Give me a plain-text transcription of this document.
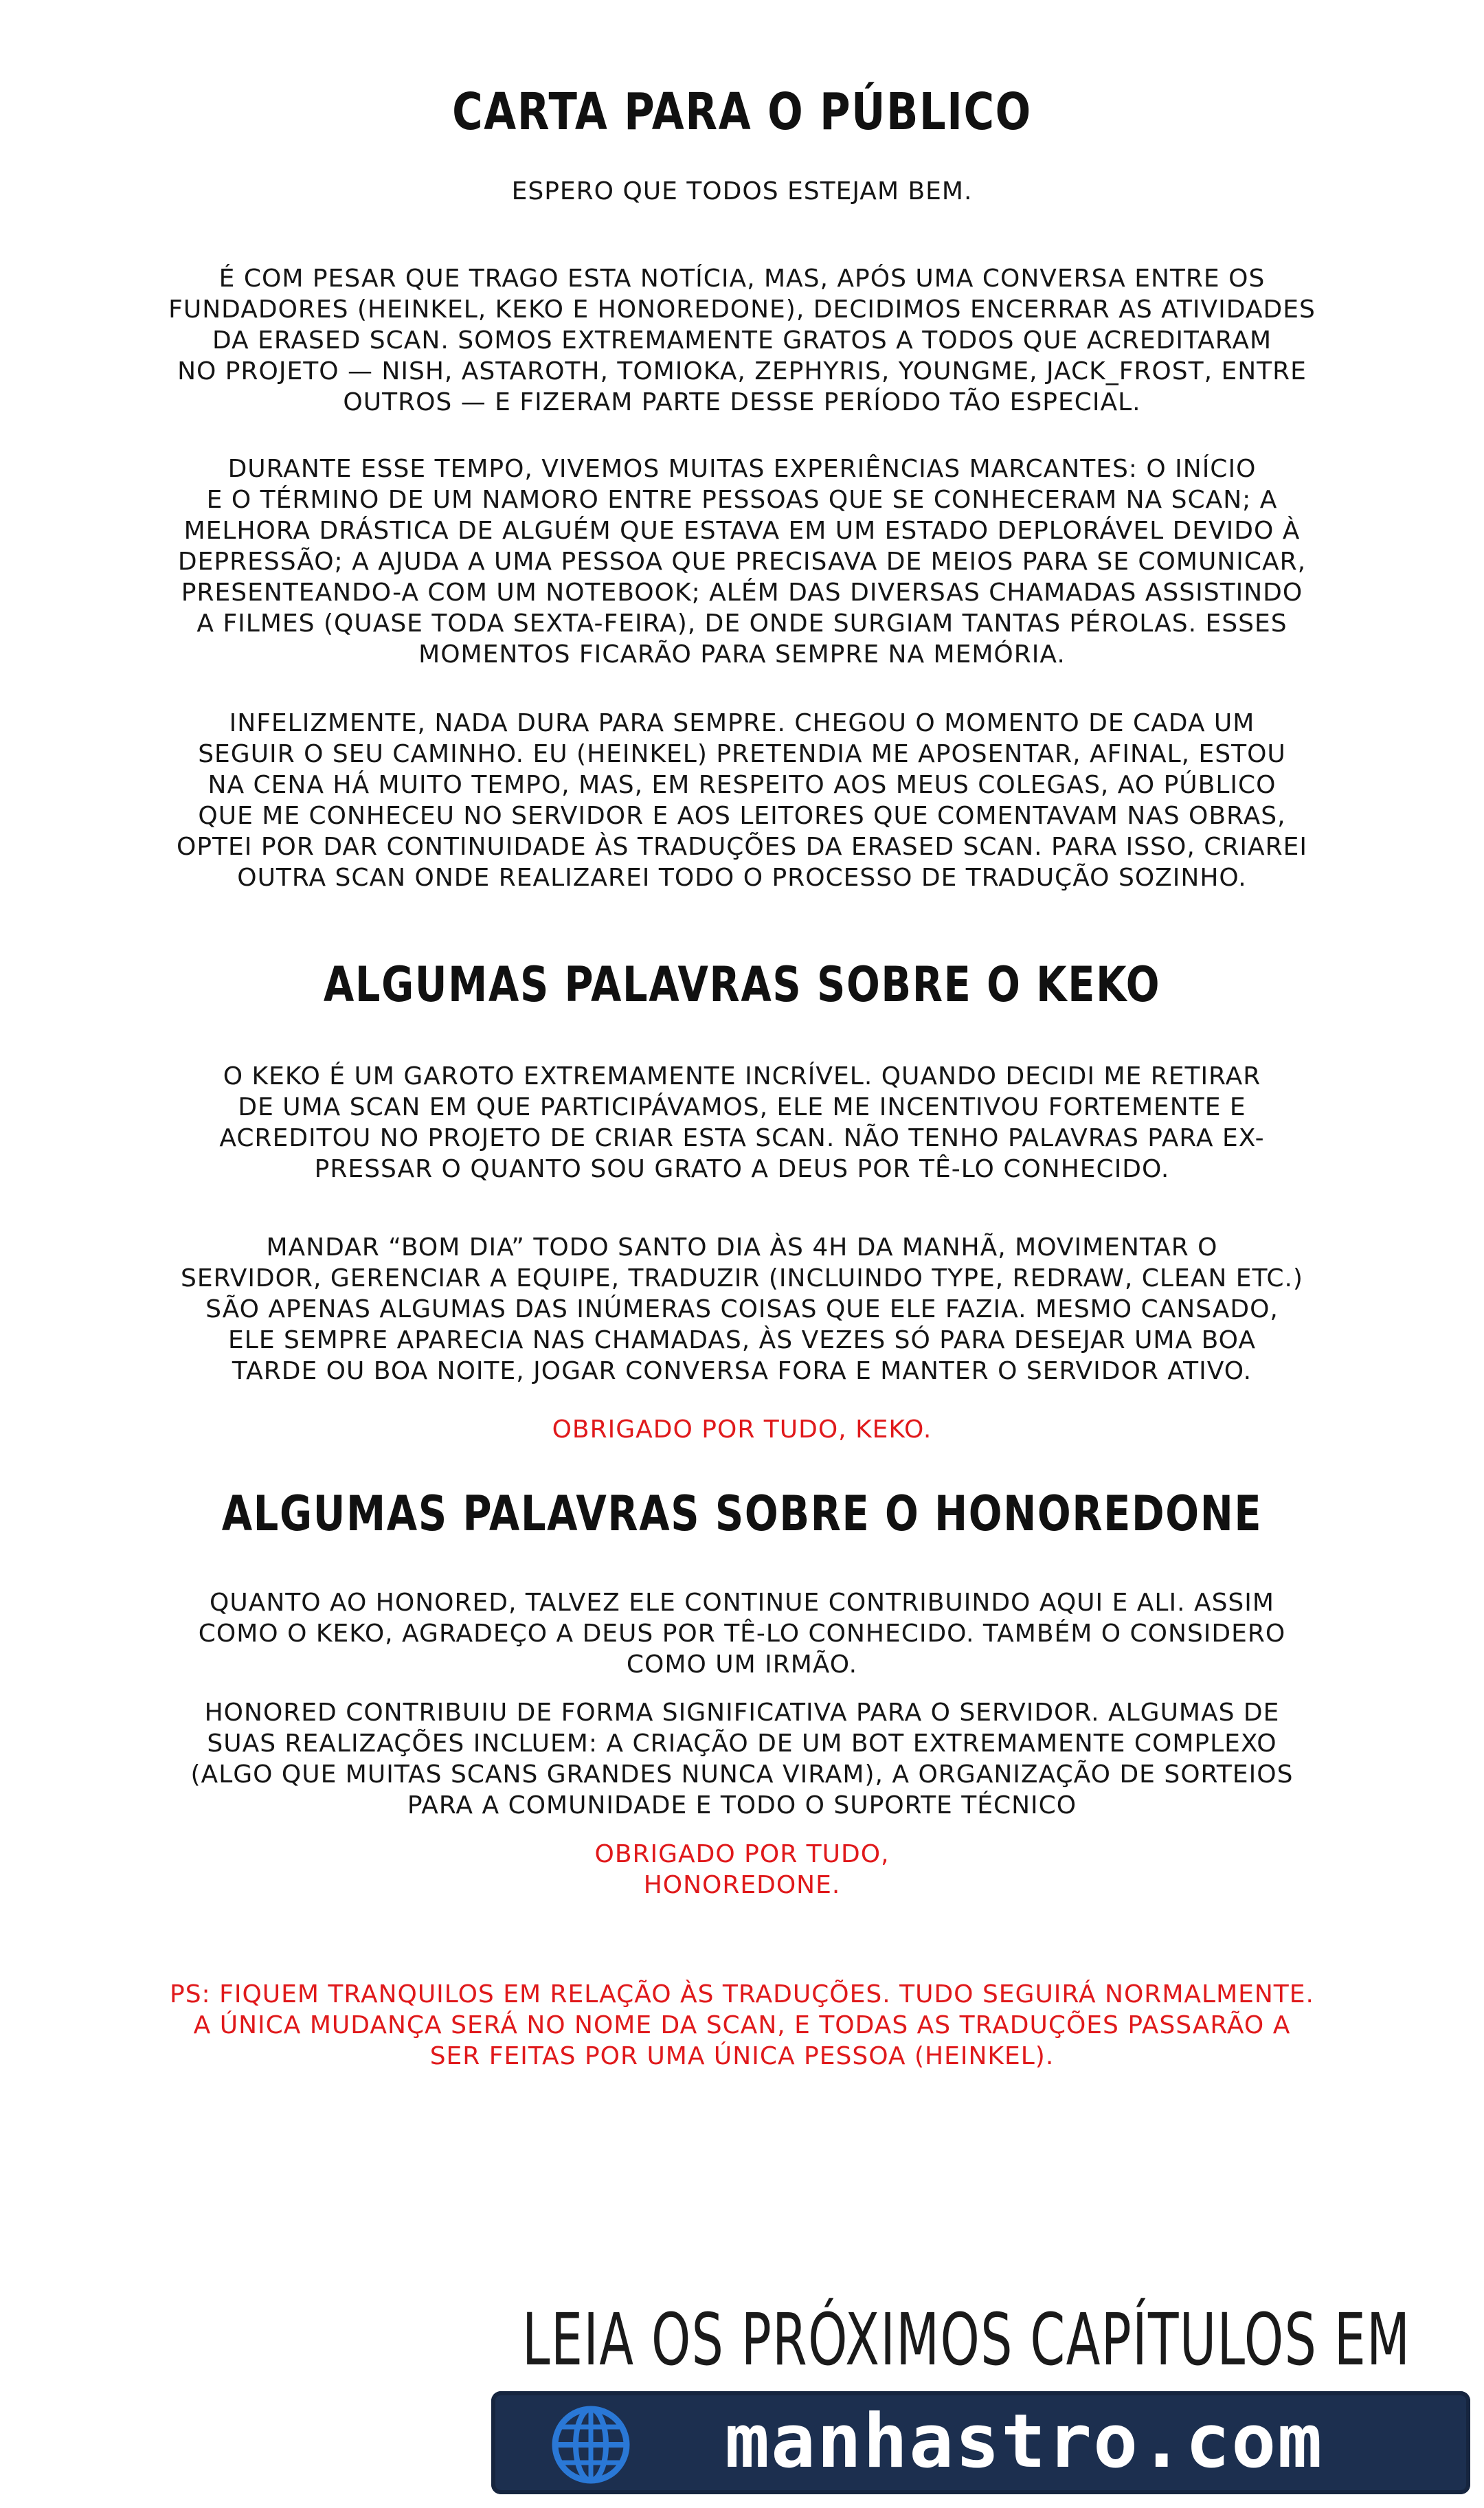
CARTA PARA O PÚBLICO
ESPERO QUE TODOS ESTEJAM BEM.
É COM PESAR QUE TRAGO ESTA NOTÍCIA, MAS, APÓS UMA CONVERSA ENTRE OS
FUNDADORES (HEINKEL, KEKO E HONOREDONE), DECIDIMOS ENCERRAR AS ATIVIDADES
DA ERASED SCAN. SOMOS EXTREMAMENTE GRATOS A TODOS QUE ACREDITARAM
NO PROJETO — NISH, ASTAROTH, TOMIOKA, ZEPHYRIS, YOUNGME, JACK_FROST, ENTRE
OUTROS — E FIZERAM PARTE DESSE PERÍODO TÃO ESPECIAL.
DURANTE ESSE TEMPO, VIVEMOS MUITAS EXPERIÊNCIAS MARCANTES: O INÍCIO
E O TÉRMINO DE UM NAMORO ENTRE PESSOAS QUE SE CONHECERAM NA SCAN; A
MELHORA DRÁSTICA DE ALGUÉM QUE ESTAVA EM UM ESTADO DEPLORÁVEL DEVIDO À
DEPRESSÃO; A AJUDA A UMA PESSOA QUE PRECISAVA DE MEIOS PARA SE COMUNICAR,
PRESENTEANDO-A COM UM NOTEBOOK; ALÉM DAS DIVERSAS CHAMADAS ASSISTINDO
A FILMES (QUASE TODA SEXTA-FEIRA), DE ONDE SURGIAM TANTAS PÉROLAS. ESSES
MOMENTOS FICARÃO PARA SEMPRE NA MEMÓRIA.
INFELIZMENTE, NADA DURA PARA SEMPRE. CHEGOU O MOMENTO DE CADA UM
SEGUIR O SEU CAMINHO. EU (HEINKEL) PRETENDIA ME APOSENTAR, AFINAL, ESTOU
NA CENA HÁ MUITO TEMPO, MAS, EM RESPEITO AOS MEUS COLEGAS, AO PÚBLICO
QUE ME CONHECEU NO SERVIDOR E AOS LEITORES QUE COMENTAVAM NAS OBRAS,
OPTEI POR DAR CONTINUIDADE ÀS TRADUÇÕES DA ERASED SCAN. PARA ISSO, CRIAREI
OUTRA SCAN ONDE REALIZAREI TODO O PROCESSO DE TRADUÇÃO SOZINHO.
ALGUMAS PALAVRAS SOBRE O KEKO
O KEKO É UM GAROTO EXTREMAMENTE INCRÍVEL. QUANDO DECIDI ME RETIRAR
DE UMA SCAN EM QUE PARTICIPÁVAMOS, ELE ME INCENTIVOU FORTEMENTE E
ACREDITOU NO PROJETO DE CRIAR ESTA SCAN. NÃO TENHO PALAVRAS PARA EX-
PRESSAR O QUANTO SOU GRATO A DEUS POR TÊ-LO CONHECIDO.
MANDAR “BOM DIA” TODO SANTO DIA ÀS 4H DA MANHÃ, MOVIMENTAR O
SERVIDOR, GERENCIAR A EQUIPE, TRADUZIR (INCLUINDO TYPE, REDRAW, CLEAN ETC.)
SÃO APENAS ALGUMAS DAS INÚMERAS COISAS QUE ELE FAZIA. MESMO CANSADO,
ELE SEMPRE APARECIA NAS CHAMADAS, ÀS VEZES SÓ PARA DESEJAR UMA BOA
TARDE OU BOA NOITE, JOGAR CONVERSA FORA E MANTER O SERVIDOR ATIVO.
OBRIGADO POR TUDO, KEKO.
ALGUMAS PALAVRAS SOBRE O HONOREDONE
QUANTO AO HONORED, TALVEZ ELE CONTINUE CONTRIBUINDO AQUI E ALI. ASSIM
COMO O KEKO, AGRADEÇO A DEUS POR TÊ-LO CONHECIDO. TAMBÉM O CONSIDERO
COMO UM IRMÃO.
HONORED CONTRIBUIU DE FORMA SIGNIFICATIVA PARA O SERVIDOR. ALGUMAS DE
SUAS REALIZAÇÕES INCLUEM: A CRIAÇÃO DE UM BOT EXTREMAMENTE COMPLEXO
(ALGO QUE MUITAS SCANS GRANDES NUNCA VIRAM), A ORGANIZAÇÃO DE SORTEIOS
PARA A COMUNIDADE E TODO O SUPORTE TÉCNICO
OBRIGADO POR TUDO,
HONOREDONE.
PS: FIQUEM TRANQUILOS EM RELAÇÃO ÀS TRADUÇÕES. TUDO SEGUIRÁ NORMALMENTE.
A ÚNICA MUDANÇA SERÁ NO NOME DA SCAN, E TODAS AS TRADUÇÕES PASSARÃO A
SER FEITAS POR UMA ÚNICA PESSOA (HEINKEL).
LEIA OS PRÓXIMOS CAPÍTULOS EM
manhastro.com
